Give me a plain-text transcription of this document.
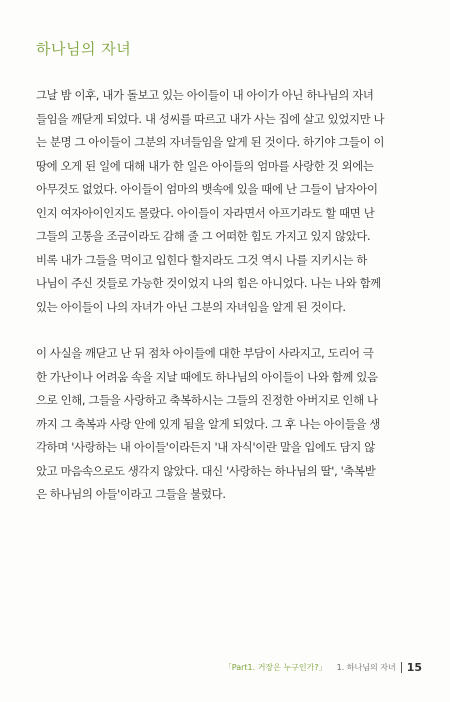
하나님의 자녀
그날 밤 이후, 내가 돌보고 있는 아이들이 내 아이가 아닌 하나님의 자녀
들임을 깨닫게 되었다. 내 성씨를 따르고 내가 사는 집에 살고 있었지만 나
는 분명 그 아이들이 그분의 자녀들임을 알게 된 것이다. 하기야 그들이 이
땅에 오게 된 일에 대해 내가 한 일은 아이들의 엄마를 사랑한 것 외에는
아무것도 없었다. 아이들이 엄마의 뱃속에 있을 때에 난 그들이 남자아이
인지 여자아이인지도 몰랐다. 아이들이 자라면서 아프기라도 할 때면 난
그들의 고통을 조금이라도 감해 줄 그 어떠한 힘도 가지고 있지 않았다.
비록 내가 그들을 먹이고 입힌다 할지라도 그것 역시 나를 지키시는 하
나님이 주신 것들로 가능한 것이었지 나의 힘은 아니었다. 나는 나와 함께
있는 아이들이 나의 자녀가 아닌 그분의 자녀임을 알게 된 것이다.
이 사실을 깨닫고 난 뒤 점차 아이들에 대한 부담이 사라지고, 도리어 극
한 가난이나 어려움 속을 지날 때에도 하나님의 아이들이 나와 함께 있음
으로 인해, 그들을 사랑하고 축복하시는 그들의 진정한 아버지로 인해 나
까지 그 축복과 사랑 안에 있게 됨을 알게 되었다. 그 후 나는 아이들을 생
각하며 '사랑하는 내 아이들'이라든지 '내 자식'이란 말을 입에도 담지 않
았고 마음속으로도 생각지 않았다. 대신 '사랑하는 하나님의 딸', '축복받
은 하나님의 아들'이라고 그들을 불렀다.
「Part1. 거장은 누구인가?」 1. 하나님의 자녀 15
